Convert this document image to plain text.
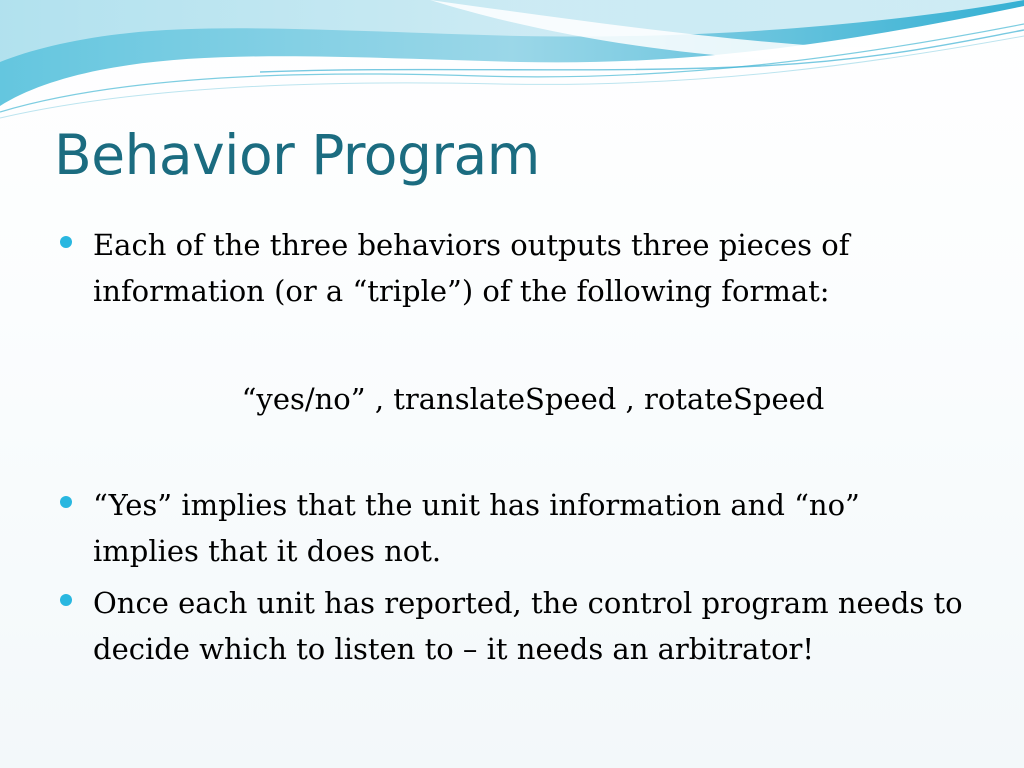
Behavior Program
Each of the three behaviors outputs three pieces of information (or a “triple”) of the following format:
“yes/no” , translateSpeed , rotateSpeed
“Yes” implies that the unit has information and “no” implies that it does not.
Once each unit has reported, the control program needs to decide which to listen to – it needs an arbitrator!
